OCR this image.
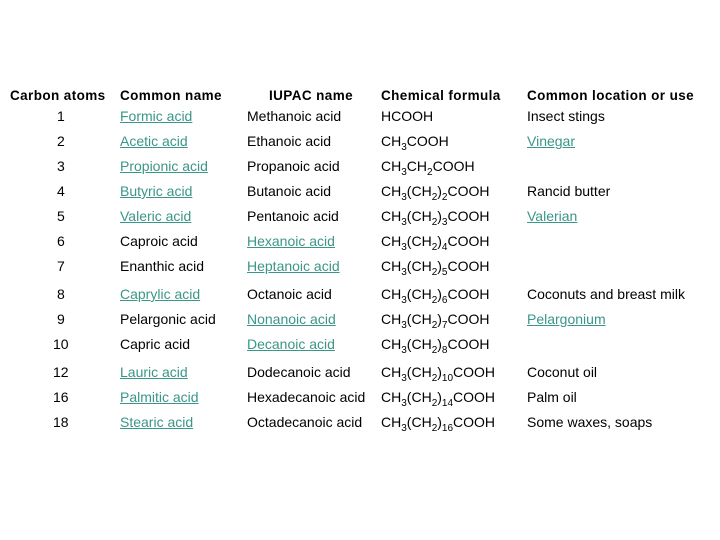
Carbon atoms	Common name	IUPAC name	Chemical formula	Common location or use
1	Formic acid	Methanoic acid	HCOOH	Insect stings
2	Acetic acid	Ethanoic acid	$CH_3COOH$	Vinegar
3	Propionic acid	Propanoic acid	$CH_3CH_2COOH$	
4	Butyric acid	Butanoic acid	$CH_3(CH_2)_2COOH$	Rancid butter
5	Valeric acid	Pentanoic acid	$CH_3(CH_2)_3COOH$	Valerian
6	Caproic acid	Hexanoic acid	$CH_3(CH_2)_4COOH$	
7	Enanthic acid	Heptanoic acid	$CH_3(CH_2)_5COOH$	
8	Caprylic acid	Octanoic acid	$CH_3(CH_2)_6COOH$	Coconuts and breast milk
9	Pelargonic acid	Nonanoic acid	$CH_3(CH_2)_7COOH$	Pelargonium
10	Capric acid	Decanoic acid	$CH_3(CH_2)_8COOH$	
12	Lauric acid	Dodecanoic acid	$CH_3(CH_2)_{10}COOH$	Coconut oil
16	Palmitic acid	Hexadecanoic acid	$CH_3(CH_2)_{14}COOH$	Palm oil
18	Stearic acid	Octadecanoic acid	$CH_3(CH_2)_{16}COOH$	Some waxes, soaps
